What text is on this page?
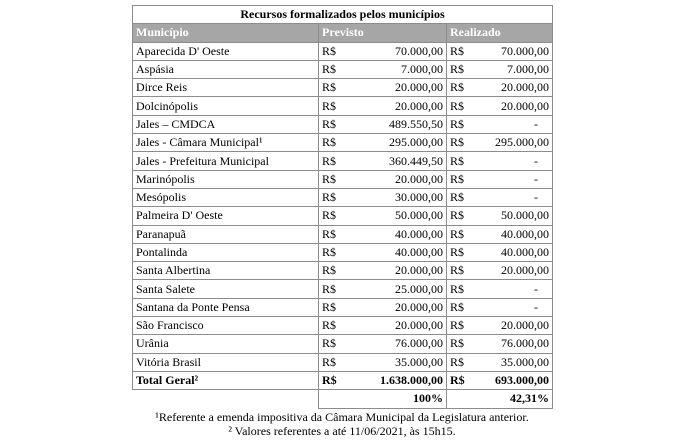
Recursos formalizados pelos municípios				
Município	Previsto		Realizado	
Aparecida D' Oeste	R$	70.000,00	R$	70.000,00
Aspásia	R$	7.000,00	R$	7.000,00
Dirce Reis	R$	20.000,00	R$	20.000,00
Dolcinópolis	R$	20.000,00	R$	20.000,00
Jales – CMDCA	R$	489.550,50	R$	-
Jales - Câmara Municipal¹	R$	295.000,00	R$	295.000,00
Jales - Prefeitura Municipal	R$	360.449,50	R$	-
Marinópolis	R$	20.000,00	R$	-
Mesópolis	R$	30.000,00	R$	-
Palmeira D' Oeste	R$	50.000,00	R$	50.000,00
Paranapuã	R$	40.000,00	R$	40.000,00
Pontalinda	R$	40.000,00	R$	40.000,00
Santa Albertina	R$	20.000,00	R$	20.000,00
Santa Salete	R$	25.000,00	R$	-
Santana da Ponte Pensa	R$	20.000,00	R$	-
São Francisco	R$	20.000,00	R$	20.000,00
Urânia	R$	76.000,00	R$	76.000,00
Vitória Brasil	R$	35.000,00	R$	35.000,00
Total Geral²	R$	1.638.000,00	R$	693.000,00
	100%		42,31%	
¹Referente a emenda impositiva da Câmara Municipal da Legislatura anterior.
² Valores referentes a até 11/06/2021, às 15h15.
